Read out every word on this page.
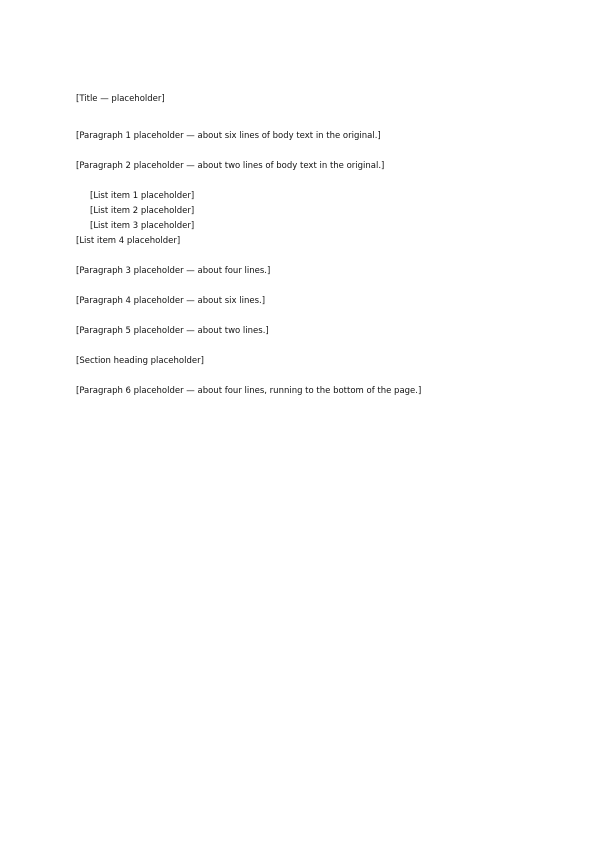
[Title — placeholder]

[Paragraph 1 placeholder — about six lines of body text in the original.]

[Paragraph 2 placeholder — about two lines of body text in the original.]

[List item 1 placeholder]

[List item 2 placeholder]

[List item 3 placeholder]

[List item 4 placeholder]

[Paragraph 3 placeholder — about four lines.]

[Paragraph 4 placeholder — about six lines.]

[Paragraph 5 placeholder — about two lines.]

[Section heading placeholder]

[Paragraph 6 placeholder — about four lines, running to the bottom of the page.]
